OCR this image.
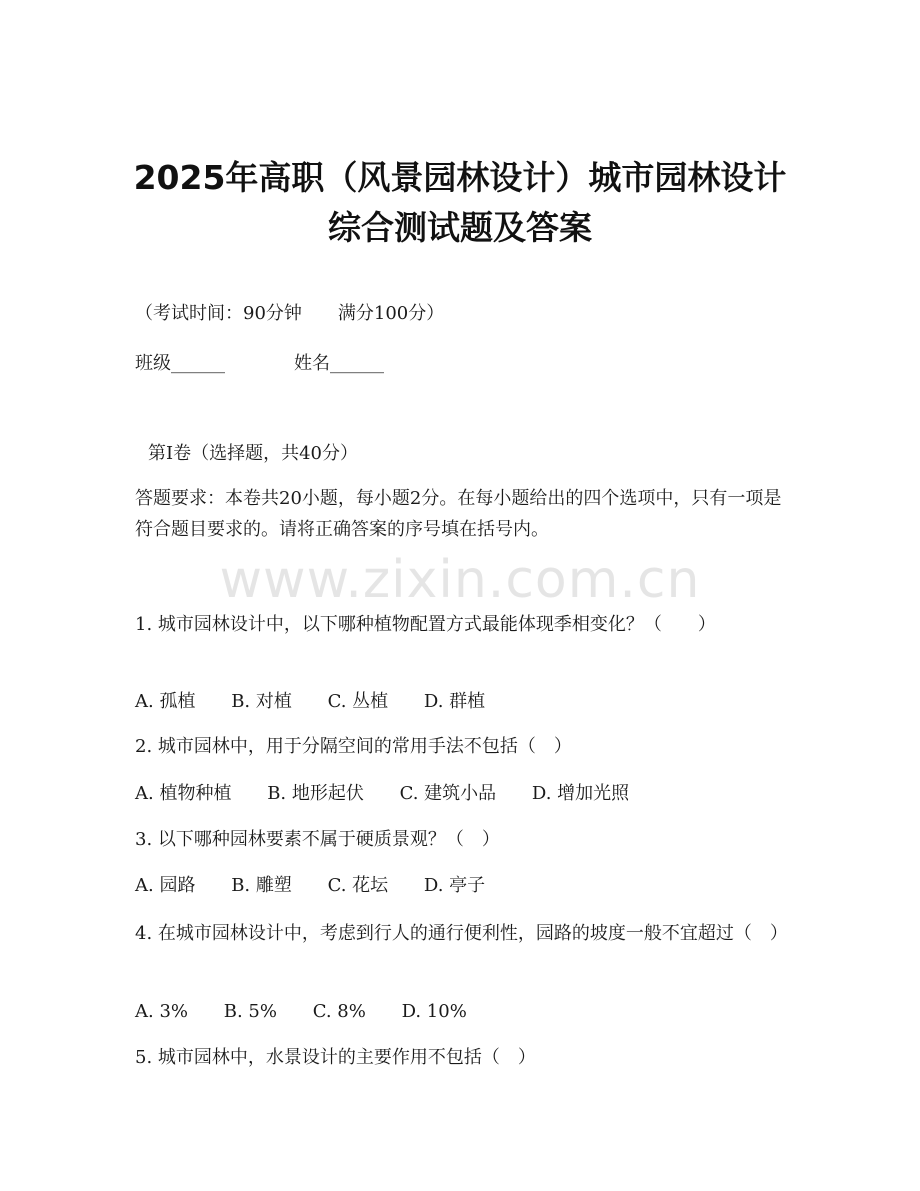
2025年高职（风景园林设计）城市园林设计
综合测试题及答案
（考试时间：90分钟　　满分100分）
班级______	姓名______
第I卷（选择题，共40分）
答题要求：本卷共20小题，每小题2分。在每小题给出的四个选项中，只有一项是符合题目要求的。请将正确答案的序号填在括号内。
www.zixin.com.cn
1. 城市园林设计中，以下哪种植物配置方式最能体现季相变化？（　　）
A. 孤植 B. 对植 C. 丛植 D. 群植
2. 城市园林中，用于分隔空间的常用手法不包括（　）
A. 植物种植 B. 地形起伏 C. 建筑小品 D. 增加光照
3. 以下哪种园林要素不属于硬质景观？（　）
A. 园路 B. 雕塑 C. 花坛 D. 亭子
4. 在城市园林设计中，考虑到行人的通行便利性，园路的坡度一般不宜超过（　）
A. 3% B. 5% C. 8% D. 10%
5. 城市园林中，水景设计的主要作用不包括（　）
